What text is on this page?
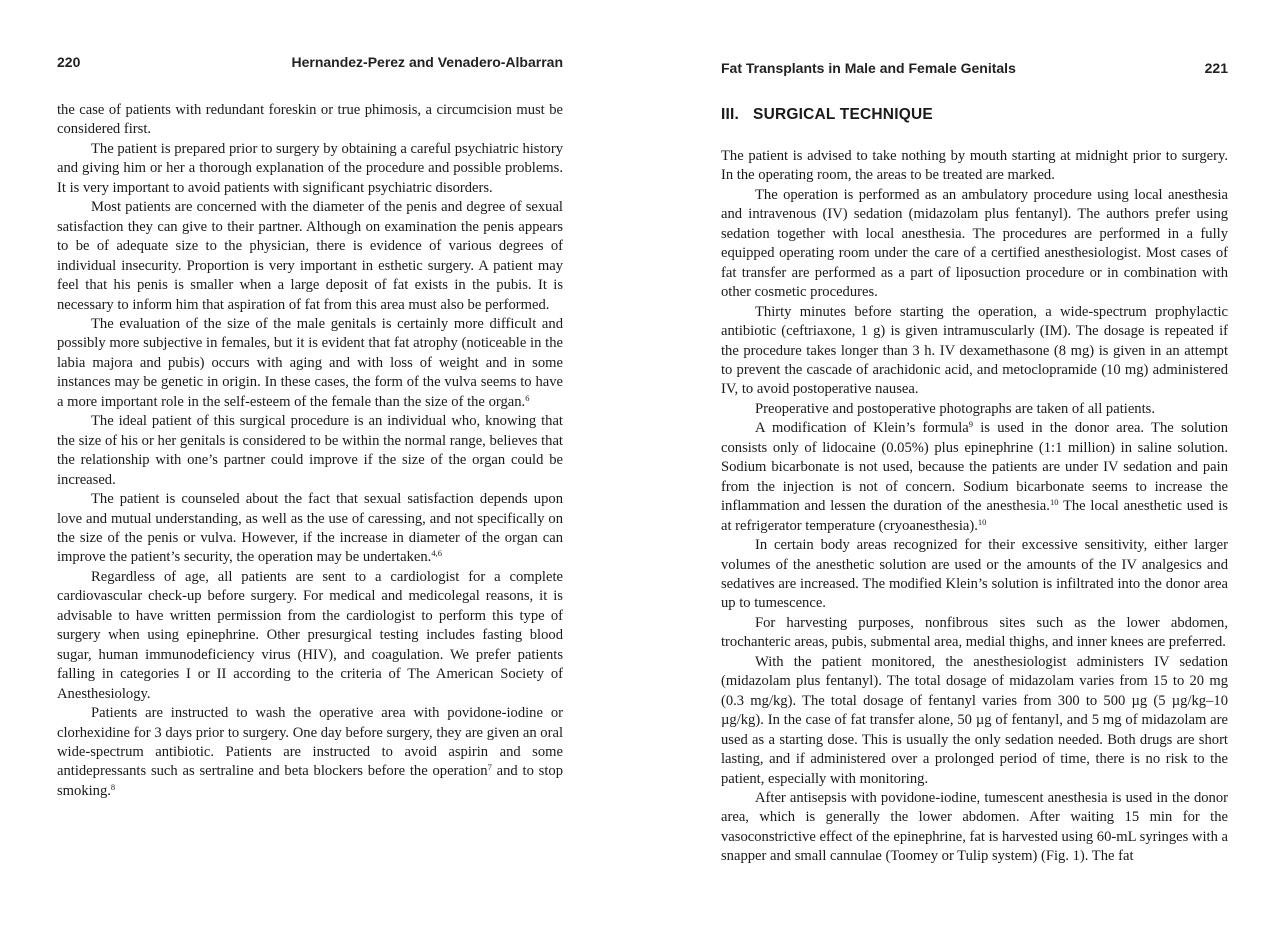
220	Hernandez-Perez and Venadero-Albarran

the case of patients with redundant foreskin or true phimosis, a circumcision must be considered first.

The patient is prepared prior to surgery by obtaining a careful psychiatric history and giving him or her a thorough explanation of the procedure and possible problems. It is very important to avoid patients with significant psychiatric disorders.

Most patients are concerned with the diameter of the penis and degree of sexual satisfaction they can give to their partner. Although on examination the penis appears to be of adequate size to the physician, there is evidence of various degrees of individual insecurity. Proportion is very important in esthetic surgery. A patient may feel that his penis is smaller when a large deposit of fat exists in the pubis. It is necessary to inform him that aspiration of fat from this area must also be performed.

The evaluation of the size of the male genitals is certainly more difficult and possibly more subjective in females, but it is evident that fat atrophy (noticeable in the labia majora and pubis) occurs with aging and with loss of weight and in some instances may be genetic in origin. In these cases, the form of the vulva seems to have a more important role in the self-esteem of the female than the size of the organ.$^6$

The ideal patient of this surgical procedure is an individual who, knowing that the size of his or her genitals is considered to be within the normal range, believes that the relationship with one’s partner could improve if the size of the organ could be increased.

The patient is counseled about the fact that sexual satisfaction depends upon love and mutual understanding, as well as the use of caressing, and not specifically on the size of the penis or vulva. However, if the increase in diameter of the organ can improve the patient’s security, the operation may be undertaken.$^{4,6}$

Regardless of age, all patients are sent to a cardiologist for a complete cardiovascular check-up before surgery. For medical and medicolegal reasons, it is advisable to have written permission from the cardiologist to perform this type of surgery when using epinephrine. Other presurgical testing includes fasting blood sugar, human immunodeficiency virus (HIV), and coagulation. We prefer patients falling in categories I or II according to the criteria of The American Society of Anesthesiology.

Patients are instructed to wash the operative area with povidone-iodine or clorhexidine for 3 days prior to surgery. One day before surgery, they are given an oral wide-spectrum antibiotic. Patients are instructed to avoid aspirin and some antidepressants such as sertraline and beta blockers before the operation$^7$ and to stop smoking.$^8$

Fat Transplants in Male and Female Genitals	221
III. SURGICAL TECHNIQUE

The patient is advised to take nothing by mouth starting at midnight prior to surgery. In the operating room, the areas to be treated are marked.

The operation is performed as an ambulatory procedure using local anesthesia and intravenous (IV) sedation (midazolam plus fentanyl). The authors prefer using sedation together with local anesthesia. The procedures are performed in a fully equipped operating room under the care of a certified anesthesiologist. Most cases of fat transfer are performed as a part of liposuction procedure or in combination with other cosmetic procedures.

Thirty minutes before starting the operation, a wide-spectrum prophylactic antibiotic (ceftriaxone, 1 g) is given intramuscularly (IM). The dosage is repeated if the procedure takes longer than 3 h. IV dexamethasone (8 mg) is given in an attempt to prevent the cascade of arachidonic acid, and metoclopramide (10 mg) administered IV, to avoid postoperative nausea.

Preoperative and postoperative photographs are taken of all patients.

A modification of Klein’s formula$^9$ is used in the donor area. The solution consists only of lidocaine (0.05%) plus epinephrine (1:1 million) in saline solution. Sodium bicarbonate is not used, because the patients are under IV sedation and pain from the injection is not of concern. Sodium bicarbonate seems to increase the inflammation and lessen the duration of the anesthesia.$^{10}$ The local anesthetic used is at refrigerator temperature (cryoanesthesia).$^{10}$

In certain body areas recognized for their excessive sensitivity, either larger volumes of the anesthetic solution are used or the amounts of the IV analgesics and sedatives are increased. The modified Klein’s solution is infiltrated into the donor area up to tumescence.

For harvesting purposes, nonfibrous sites such as the lower abdomen, trochanteric areas, pubis, submental area, medial thighs, and inner knees are preferred.

With the patient monitored, the anesthesiologist administers IV sedation (midazolam plus fentanyl). The total dosage of midazolam varies from 15 to 20 mg (0.3 mg/kg). The total dosage of fentanyl varies from 300 to 500 µg (5 µg/kg–10 µg/kg). In the case of fat transfer alone, 50 µg of fentanyl, and 5 mg of midazolam are used as a starting dose. This is usually the only sedation needed. Both drugs are short lasting, and if administered over a prolonged period of time, there is no risk to the patient, especially with monitoring.

After antisepsis with povidone-iodine, tumescent anesthesia is used in the donor area, which is generally the lower abdomen. After waiting 15 min for the vasoconstrictive effect of the epinephrine, fat is harvested using 60-mL syringes with a snapper and small cannulae (Toomey or Tulip system) (Fig. 1). The fat
